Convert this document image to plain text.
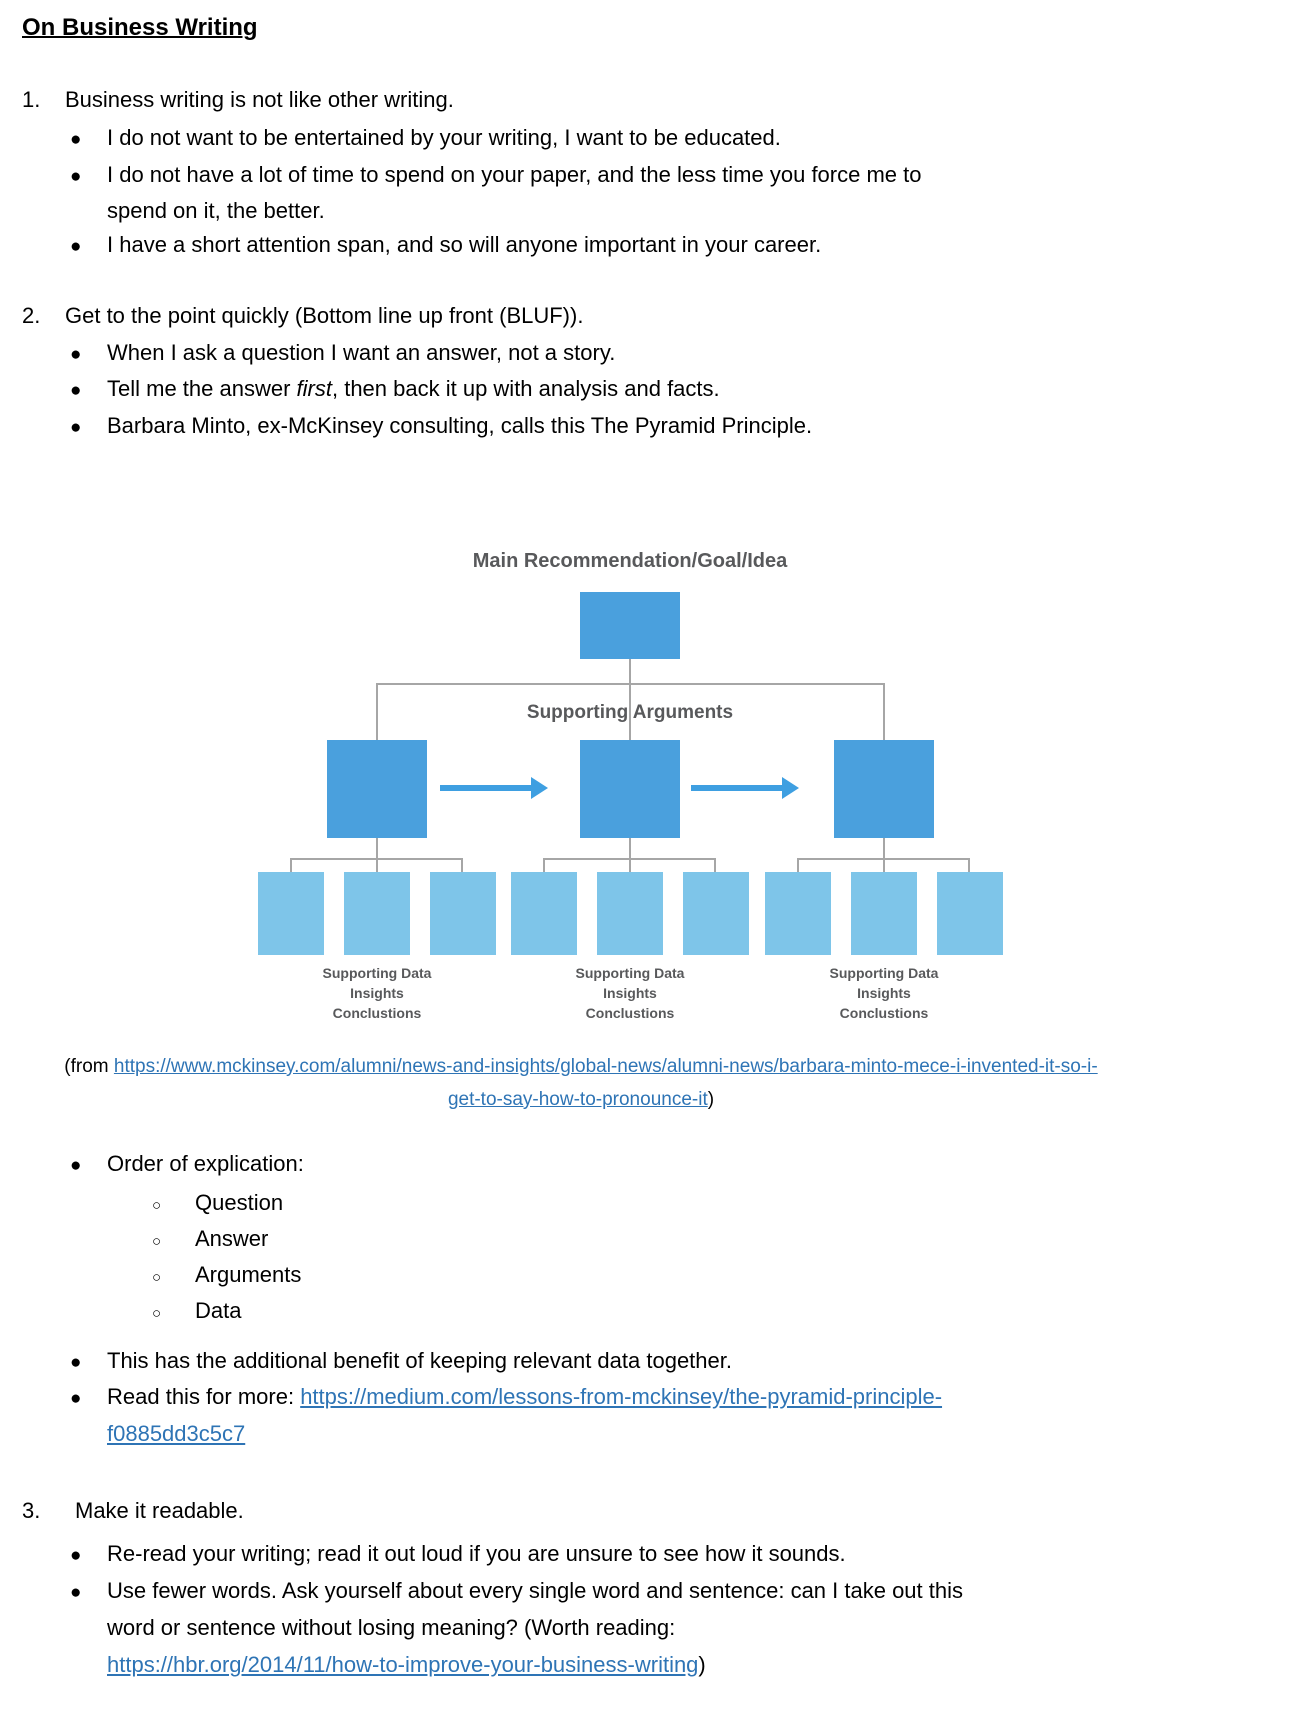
On Business Writing
1. Business writing is not like other writing.
● I do not want to be entertained by your writing, I want to be educated.
● I do not have a lot of time to spend on your paper, and the less time you force me to
spend on it, the better.
● I have a short attention span, and so will anyone important in your career.
2. Get to the point quickly (Bottom line up front (BLUF)).
● When I ask a question I want an answer, not a story.
● Tell me the answer first, then back it up with analysis and facts.
● Barbara Minto, ex-McKinsey consulting, calls this The Pyramid Principle.
Main Recommendation/Goal/Idea
Supporting Arguments
Supporting Data
Insights
Conclustions
Supporting Data
Insights
Conclustions
Supporting Data
Insights
Conclustions
(from https://www.mckinsey.com/alumni/news-and-insights/global-news/alumni-news/barbara-minto-mece-i-invented-it-so-i-
get-to-say-how-to-pronounce-it)
● Order of explication:
○ Question
○ Answer
○ Arguments
○ Data
● This has the additional benefit of keeping relevant data together.
● Read this for more: https://medium.com/lessons-from-mckinsey/the-pyramid-principle-
f0885dd3c5c7
3. Make it readable.
● Re-read your writing; read it out loud if you are unsure to see how it sounds.
● Use fewer words. Ask yourself about every single word and sentence: can I take out this
word or sentence without losing meaning? (Worth reading:
https://hbr.org/2014/11/how-to-improve-your-business-writing)
